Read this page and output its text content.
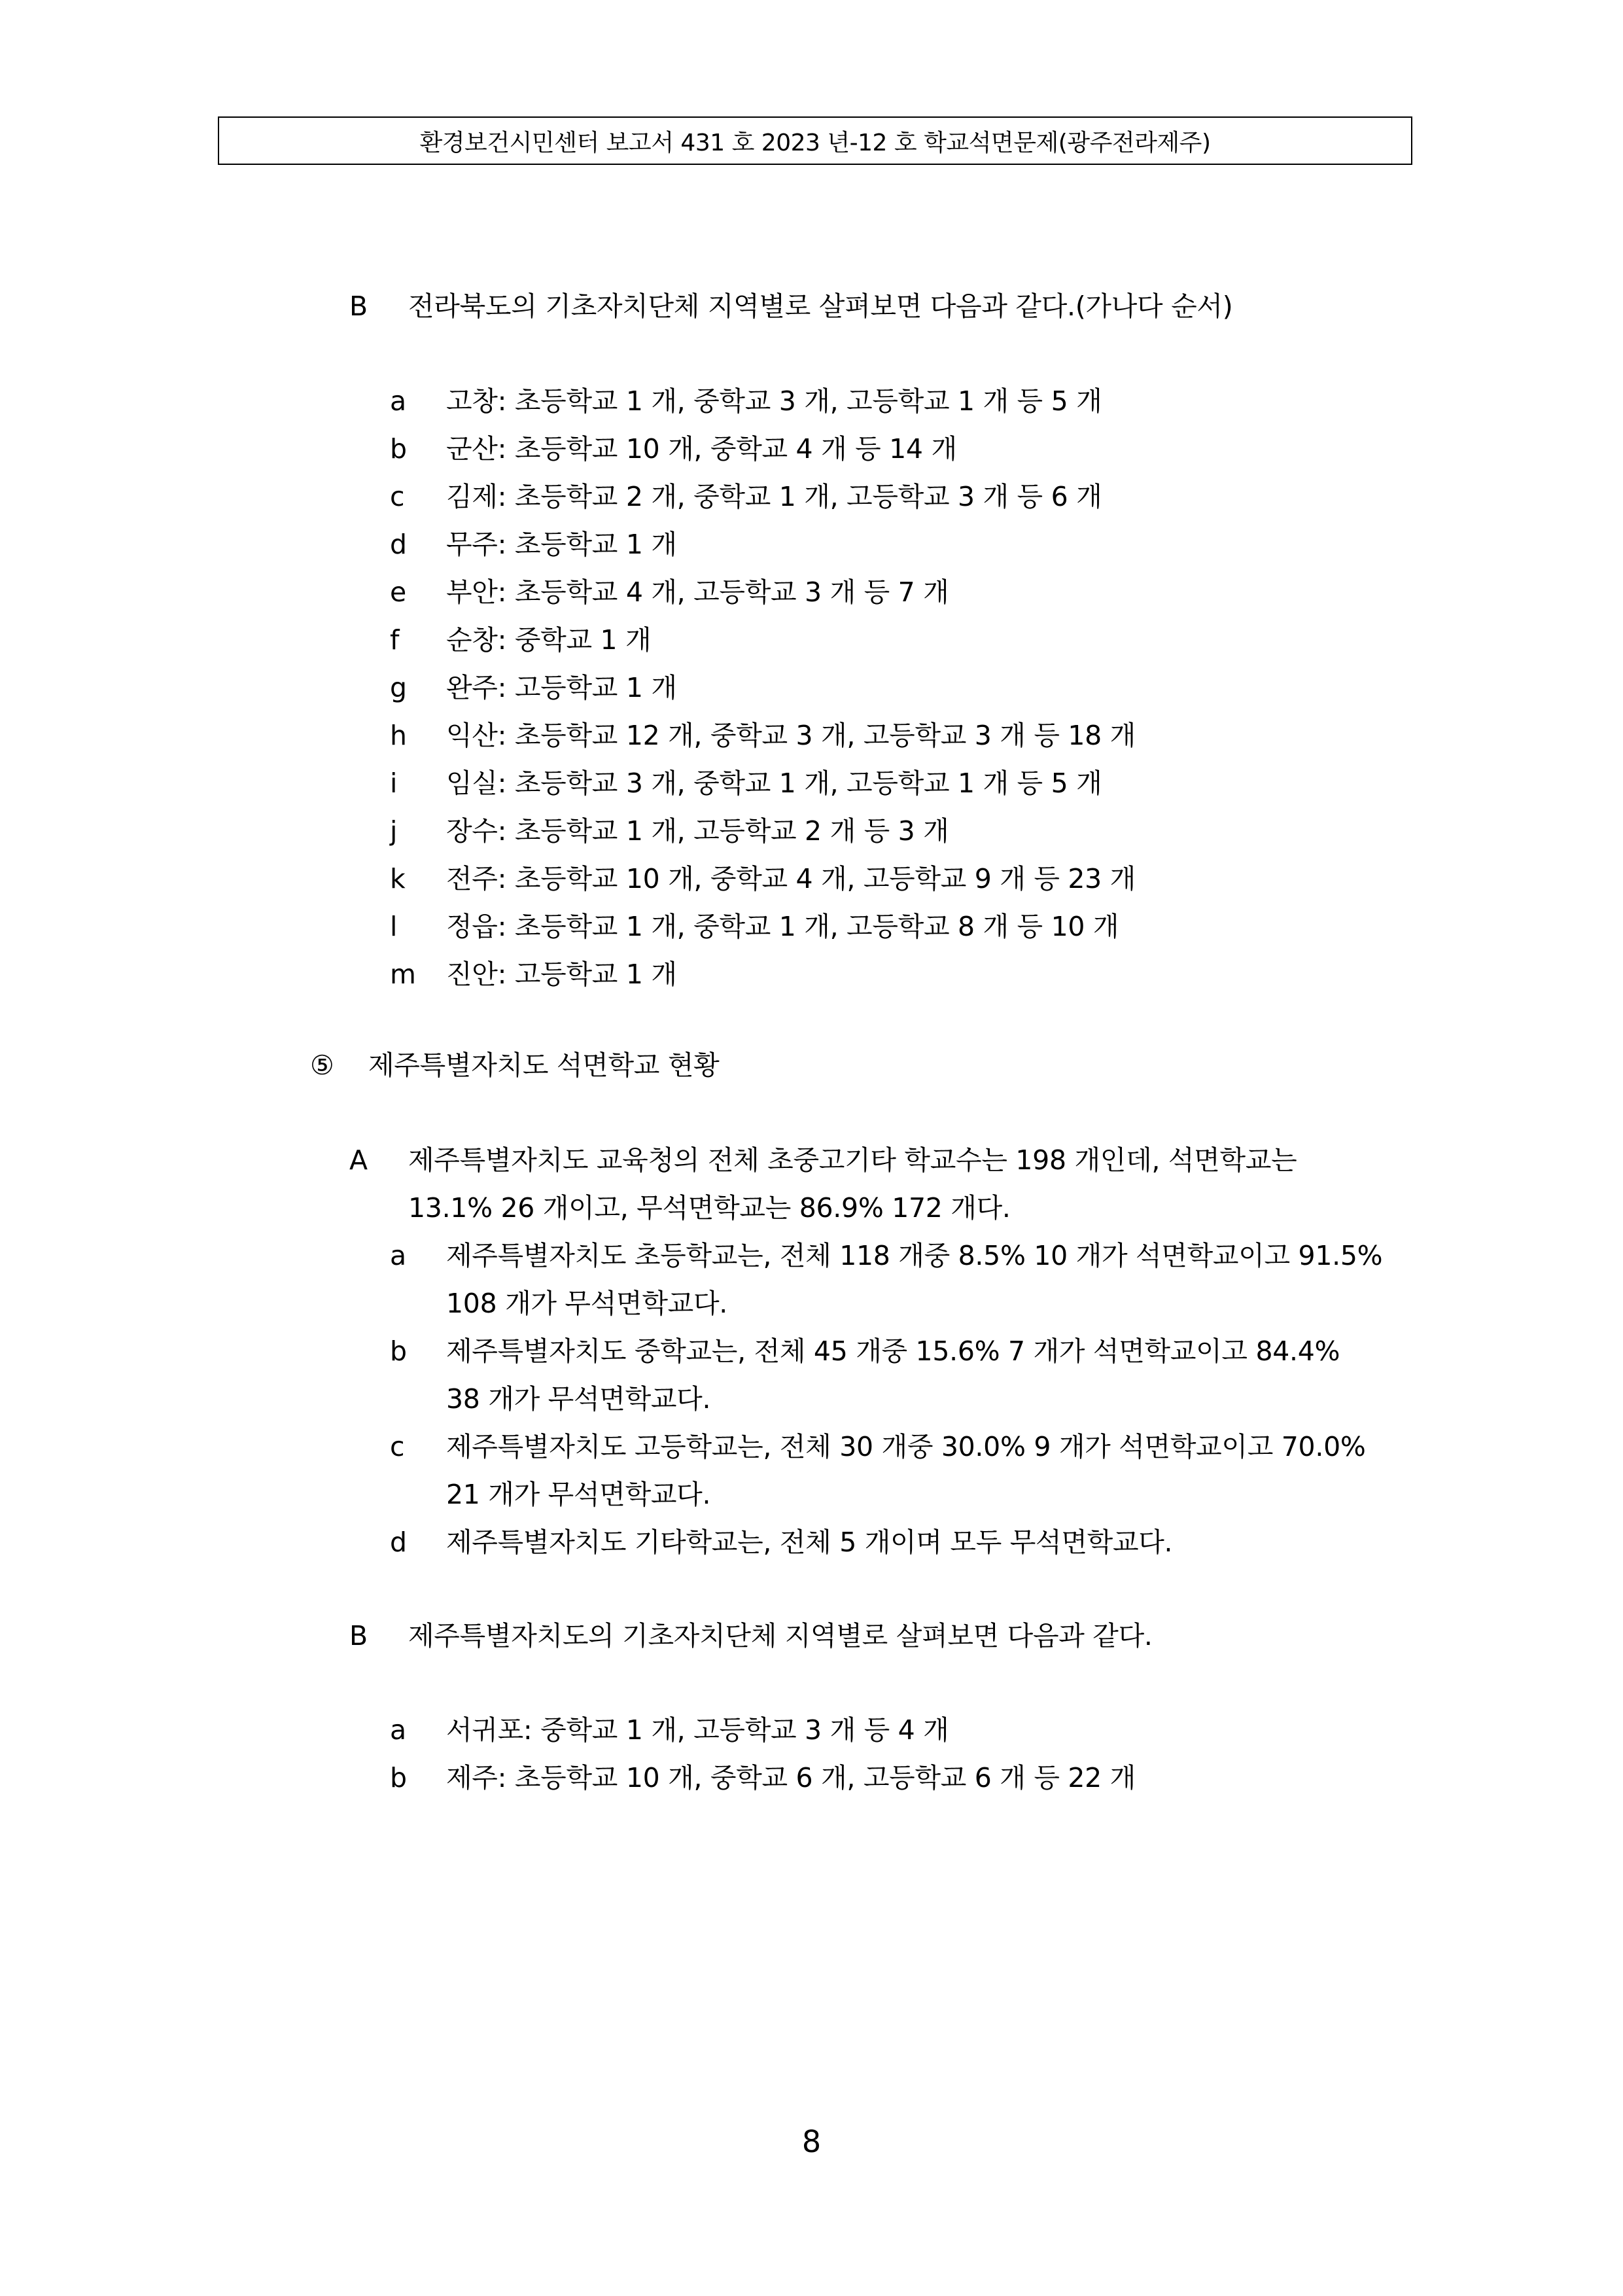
환경보건시민센터 보고서 431 호 2023 년-12 호 학교석면문제(광주전라제주)
B 전라북도의 기초자치단체 지역별로 살펴보면 다음과 같다.(가나다 순서)
a 고창: 초등학교 1 개, 중학교 3 개, 고등학교 1 개 등 5 개
b 군산: 초등학교 10 개, 중학교 4 개 등 14 개
c 김제: 초등학교 2 개, 중학교 1 개, 고등학교 3 개 등 6 개
d 무주: 초등학교 1 개
e 부안: 초등학교 4 개, 고등학교 3 개 등 7 개
f 순창: 중학교 1 개
g 완주: 고등학교 1 개
h 익산: 초등학교 12 개, 중학교 3 개, 고등학교 3 개 등 18 개
i 임실: 초등학교 3 개, 중학교 1 개, 고등학교 1 개 등 5 개
j 장수: 초등학교 1 개, 고등학교 2 개 등 3 개
k 전주: 초등학교 10 개, 중학교 4 개, 고등학교 9 개 등 23 개
l 정읍: 초등학교 1 개, 중학교 1 개, 고등학교 8 개 등 10 개
m 진안: 고등학교 1 개
⑤ 제주특별자치도 석면학교 현황
A 제주특별자치도 교육청의 전체 초중고기타 학교수는 198 개인데, 석면학교는
13.1% 26 개이고, 무석면학교는 86.9% 172 개다.
a 제주특별자치도 초등학교는, 전체 118 개중 8.5% 10 개가 석면학교이고 91.5%
108 개가 무석면학교다.
b 제주특별자치도 중학교는, 전체 45 개중 15.6% 7 개가 석면학교이고 84.4%
38 개가 무석면학교다.
c 제주특별자치도 고등학교는, 전체 30 개중 30.0% 9 개가 석면학교이고 70.0%
21 개가 무석면학교다.
d 제주특별자치도 기타학교는, 전체 5 개이며 모두 무석면학교다.
B 제주특별자치도의 기초자치단체 지역별로 살펴보면 다음과 같다.
a 서귀포: 중학교 1 개, 고등학교 3 개 등 4 개
b 제주: 초등학교 10 개, 중학교 6 개, 고등학교 6 개 등 22 개
8
